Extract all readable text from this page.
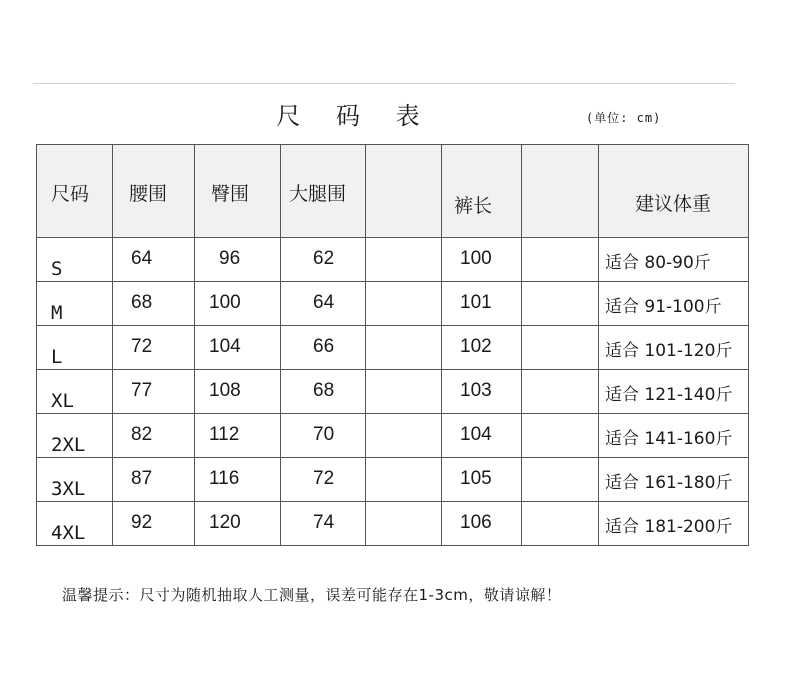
尺 码 表	(单位: cm)
尺码	腰围	臀围	大腿围		裤长		建议体重
S	64	96	62		100		适合 80-90斤
M	68	100	64		101		适合 91-100斤
L	72	104	66		102		适合 101-120斤
XL	77	108	68		103		适合 121-140斤
2XL	82	112	70		104		适合 141-160斤
3XL	87	116	72		105		适合 161-180斤
4XL	92	120	74		106		适合 181-200斤
温馨提示：尺寸为随机抽取人工测量，误差可能存在1-3cm，敬请谅解！
